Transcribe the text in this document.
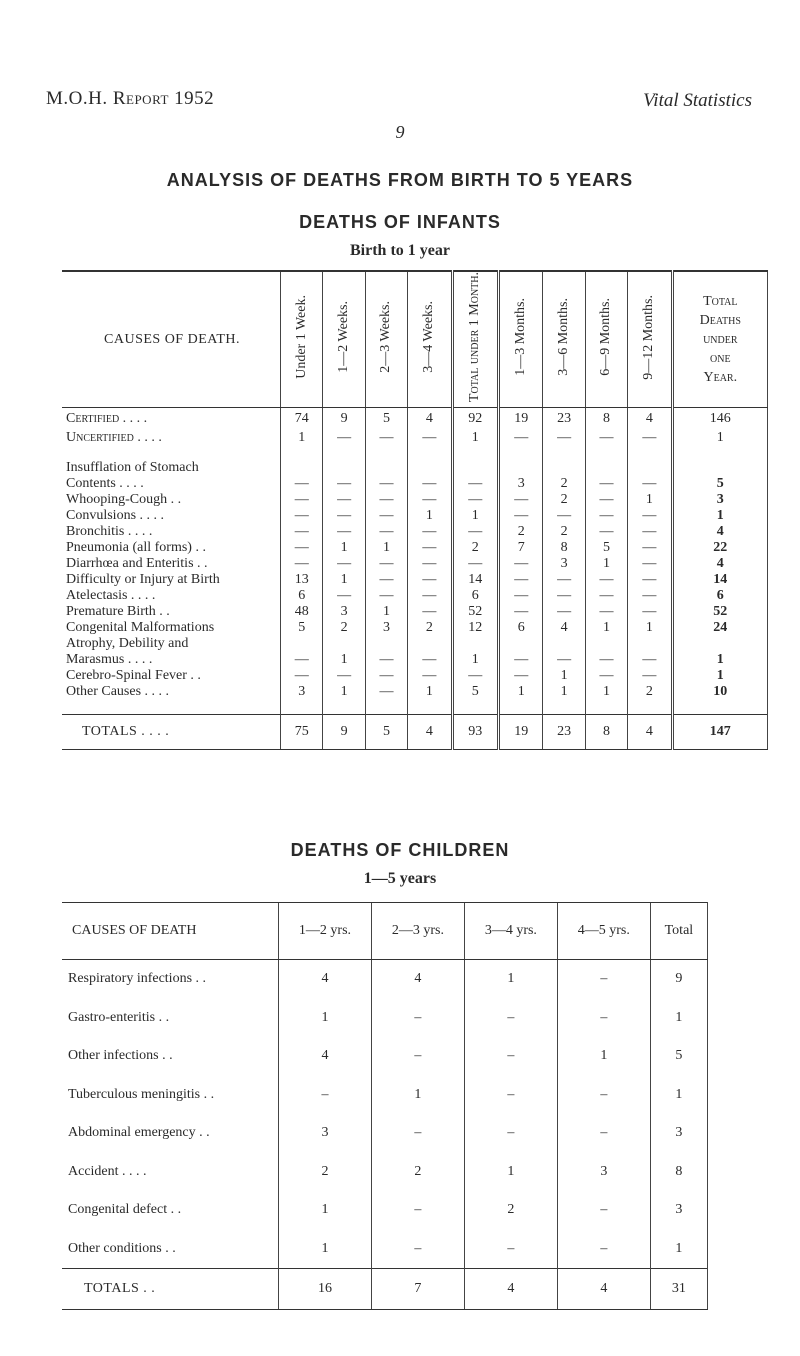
M.O.H. Report 1952	Vital Statistics
9
ANALYSIS OF DEATHS FROM BIRTH TO 5 YEARS
DEATHS OF INFANTS
Birth to 1 year
CAUSES OF DEATH.	Under 1 Week.	1—2 Weeks.	2—3 Weeks.	3—4 Weeks.	Total under 1 Month.	1—3 Months.	3—6 Months.	6—9 Months.	9—12 Months.	Total
Deaths
under
one
Year.
Certified . . . .	74	9	5	4	92	19	23	8	4	146
Uncertified . . . .	1	—	—	—	1	—	—	—	—	1

Insufflation of Stomach										
Contents . . . .	—	—	—	—	—	3	2	—	—	5
Whooping-Cough . .	—	—	—	—	—	—	2	—	1	3
Convulsions . . . .	—	—	—	1	1	—	—	—	—	1
Bronchitis . . . .	—	—	—	—	—	2	2	—	—	4
Pneumonia (all forms) . .	—	1	1	—	2	7	8	5	—	22
Diarrhœa and Enteritis . .	—	—	—	—	—	—	3	1	—	4
Difficulty or Injury at Birth	13	1	—	—	14	—	—	—	—	14
Atelectasis . . . .	6	—	—	—	6	—	—	—	—	6
Premature Birth . .	48	3	1	—	52	—	—	—	—	52
Congenital Malformations	5	2	3	2	12	6	4	1	1	24
Atrophy, Debility and										
Marasmus . . . .	—	1	—	—	1	—	—	—	—	1
Cerebro-Spinal Fever . .	—	—	—	—	—	—	1	—	—	1
Other Causes . . . .	3	1	—	1	5	1	1	1	2	10

TOTALS . . . .	75	9	5	4	93	19	23	8	4	147
DEATHS OF CHILDREN
1—5 years
CAUSES OF DEATH	1—2 yrs.	2—3 yrs.	3—4 yrs.	4—5 yrs.	Total
Respiratory infections . .	4	4	1	–	9
Gastro-enteritis . .	1	–	–	–	1
Other infections . .	4	–	–	1	5
Tuberculous meningitis . .	–	1	–	–	1
Abdominal emergency . .	3	–	–	–	3
Accident . . . .	2	2	1	3	8
Congenital defect . .	1	–	2	–	3
Other conditions . .	1	–	–	–	1
TOTALS . .	16	7	4	4	31
